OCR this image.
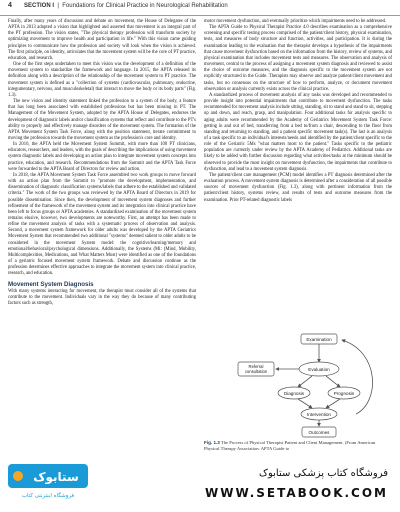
4 SECTION I  |  Foundations for Clinical Practice in Neurological Rehabilitation

Finally, after many years of discussion and debate on movement, the House of Delegates of the APTA in 2013 adopted a vision that highlighted and asserted that movement is an integral part of the PT profession. The vision states, "The physical therapy profession will transform society by optimizing movement to improve health and participation in life." With this vision came guiding principles to communicate how the profession and society will look when the vision is achieved. The first principle, on identity, articulates that the movement system will be the core of PT practice, education, and research.

One of the first steps undertaken to meet this vision was the development of a definition of the movement system to standardize the framework and language. In 2015, the APTA released its definition along with a description of the relationship of the movement system to PT practice. The movement system is defined as a "collection of systems (cardiovascular, pulmonary, endocrine, integumentary, nervous, and musculoskeletal) that interact to move the body or its body parts" (Fig. 1.3).

The new vision and identity statement linked the profession to a system of the body, a feature that has long been associated with established professions but has been missing in PT. The Management of the Movement System, adopted by the APTA House of Delegates, endorses the development of diagnostic labels and/or classification systems that reflect and contribute to the PT's ability to properly and effectively manage disorders of the movement system. The formation of the APTA Movement System Task Force, along with the position statement, iterate commitment to moving the profession towards the movement system as the profession's core and identity.

In 2016, the APTA held the Movement System Summit, with more than 100 PT clinicians, educators, researchers, and leaders, with the goals of describing the implications of using movement system diagnostic labels and developing an action plan to integrate movement system concepts into practice, education, and research. Recommendations from the Summit and the APTA Task Force were forwarded to the APTA Board of Directors for review and action.

In 2018, the APTA Movement System Task Force assembled two work groups to move forward with an action plan from the Summit to "promote the development, implementation, and dissemination of diagnostic classification systems/labels that adhere to the established and validated criteria." The work of the two groups was reviewed by the APTA Board of Directors in 2019 for possible dissemination. Since then, the development of movement system diagnoses and further refinement of the framework of the movement system and its integration into clinical practice have been left to focus groups or APTA academies. A standardized examination of the movement system remains elusive, however, two developments are noteworthy. First, an attempt has been made to refine the movement analysis of tasks with a systematic process of observation and analysis. Second, a movement system framework for older adults was developed by the APTA Geriatrics Movement System that recommended two additional "systems" deemed salient to older adults to be considered in the movement System model: the cognitive/learning/memory and emotional/behavioral/psychological dimensions. Additionally, the Systems (Mi: (Mind, Mobility, Multicomplexities, Medications, and What Matters Most) were identified as one of the foundations of a geriatric focused movement system framework. Debate and discussion continue as the profession determines effective approaches to integrate the movement system into clinical practice, research, and education.

Movement System Diagnosis

With many systems interacting for movement, the therapist must consider all of the systems that contribute to the movement. Individuals vary in the way they do because of many contributing factors such as strength,

motor movement dysfunction, and eventually prioritize which impairments need to be addressed.

The APTA Guide to Physical Therapist Practice 4.0 describes examination as a comprehensive screening and specific testing process comprised of the patient/client history, physical examination, tests, and measures of body structure and function, activities, and participation. It is during the examination leading to the evaluation that the therapist develops a hypothesis of the impairments that cause movement dysfunction based on the information from the history, review of systems, and physical examination that includes movement tests and measures. The observation and analysis of movement, central to the process of assigning a movement system diagnosis and reviewed to assist the choice of outcome measures, and the diagnosis specific to the movement system are not explicitly structured in the Guide. Therapists may observe and analyze patient/client movement and tasks, but no consensus on the structure of how to perform, analyze, or document movement observation or analysis currently exists across the clinical practice.

A standardized process of movement analysis of any tasks was developed and recommended to provide insight into potential impairments that contribute to movement dysfunction. The tasks recommended for movement analysis include sitting, standing, sit to stand and stand to sit, stepping up and down, and reach, grasp, and manipulation. Four additional tasks for analysis specific to aging adults were recommended by the Academy of Geriatrics Movement System Task Force: getting in and out of bed, transferring from a bed to/from a chair, descending to the floor from standing and returning to standing, and a patient specific movement task(s). The last is an analysis of a task specific to an individual's interests/needs and identified by the patient/client specific to the role of the Geriatric 5Ms "what matters most to the patient." Tasks specific to the pediatric population are currently under review by the APTA Academy of Pediatrics. Additional tasks are likely to be added with further discussion regarding what activities/tasks at the minimum should be observed to provide the most insight on movement dysfunction, the impairments that contribute to dysfunction, and lead to a movement system diagnosis.

The patient/client care management (PCM) model identifies a PT diagnosis determined after the evaluation process. A movement system diagnosis is determined after a consideration of all possible sources of movement dysfunction (Fig. 1.3), along with pertinent information from the patient/client history, systems review, and results of tests and outcome measures from the examination. Prior PT-related diagnostic labels

Examination
Evaluation
Referral
consultation
Diagnosis	Prognosis
Intervention
Outcomes
Fig. 1.3 The Process of Physical Therapist Patient and Client Management. (From American Physical Therapy Association: APTA Guide to
ستابوک
فروشگاه اینترنتی کتاب
فروشگاه کتاب پزشکی ستابوک
WWW.SETABOOK.COM
